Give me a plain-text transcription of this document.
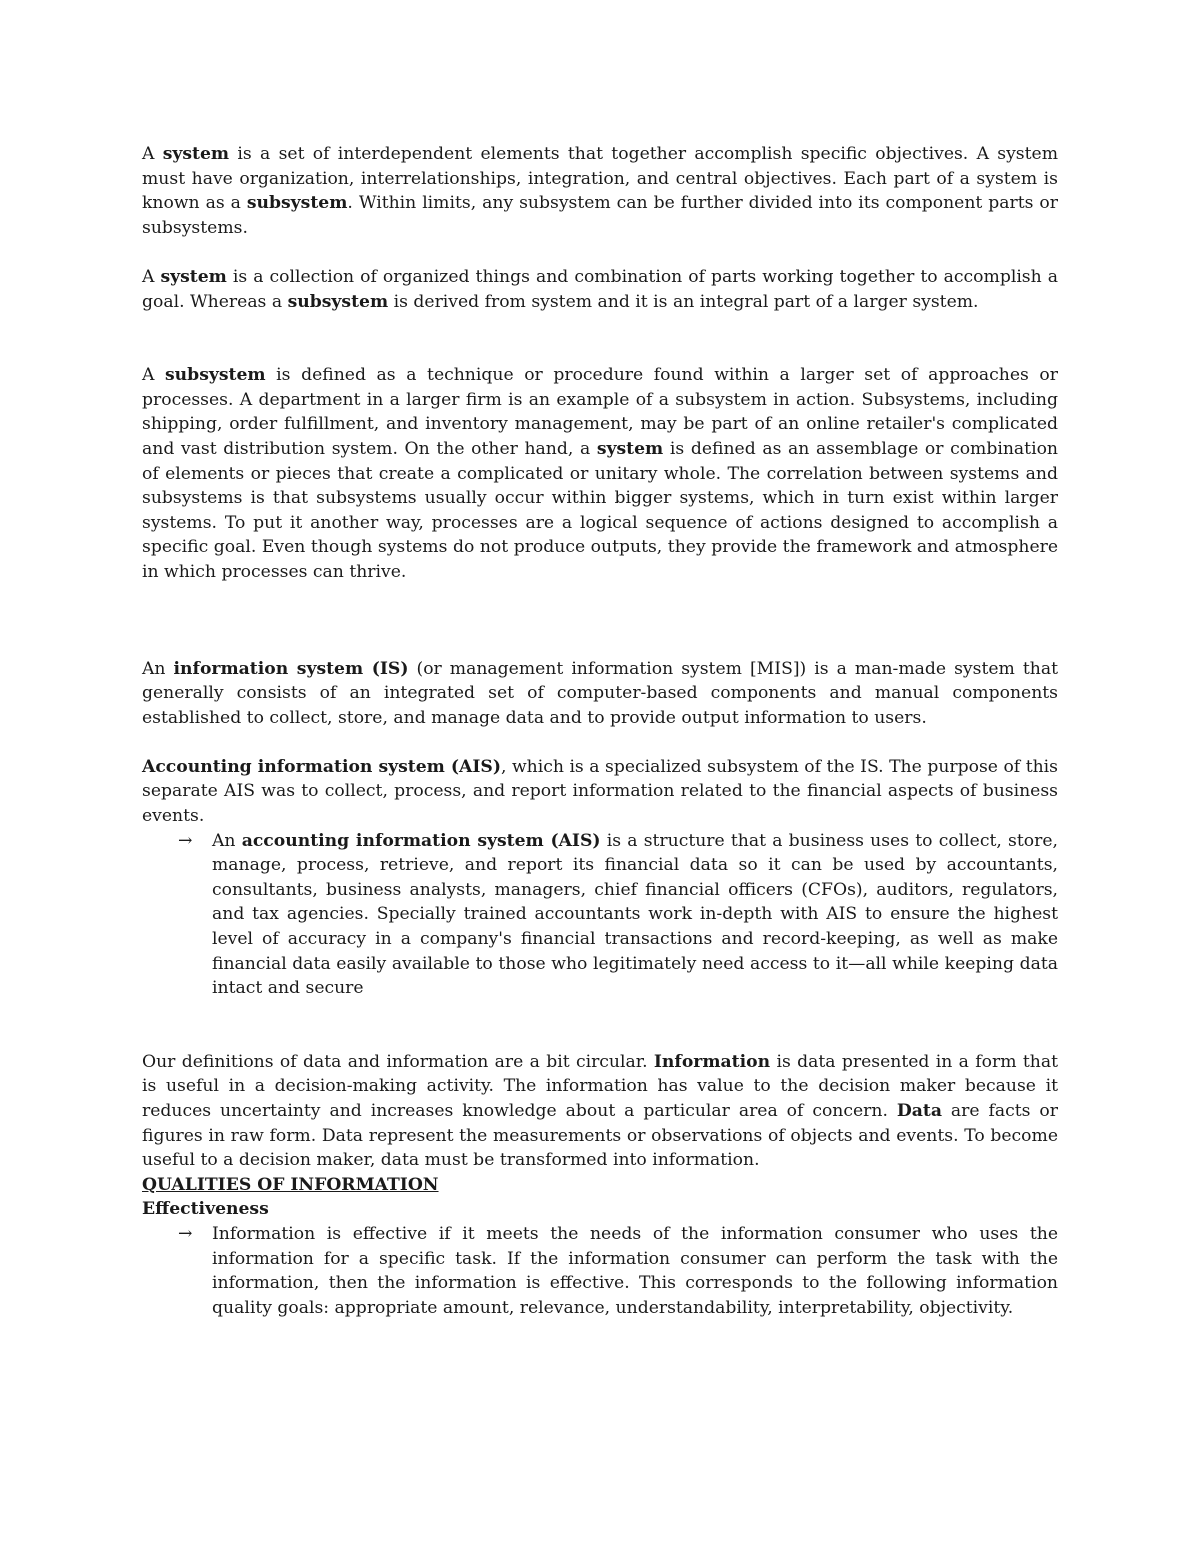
A system is a set of interdependent elements that together accomplish specific objectives. A system must have organization, interrelationships, integration, and central objectives. Each part of a system is known as a subsystem. Within limits, any subsystem can be further divided into its component parts or subsystems.

A system is a collection of organized things and combination of parts working together to accomplish a goal. Whereas a subsystem is derived from system and it is an integral part of a larger system.

A subsystem is defined as a technique or procedure found within a larger set of approaches or processes. A department in a larger firm is an example of a subsystem in action. Subsystems, including shipping, order fulfillment, and inventory management, may be part of an online retailer's complicated and vast distribution system. On the other hand, a system is defined as an assemblage or combination of elements or pieces that create a complicated or unitary whole. The correlation between systems and subsystems is that subsystems usually occur within bigger systems, which in turn exist within larger systems. To put it another way, processes are a logical sequence of actions designed to accomplish a specific goal. Even though systems do not produce outputs, they provide the framework and atmosphere in which processes can thrive.

An information system (IS) (or management information system [MIS]) is a man-made system that generally consists of an integrated set of computer-based components and manual components established to collect, store, and manage data and to provide output information to users.

Accounting information system (AIS), which is a specialized subsystem of the IS. The purpose of this separate AIS was to collect, process, and report information related to the financial aspects of business events.

→ An accounting information system (AIS) is a structure that a business uses to collect, store, manage, process, retrieve, and report its financial data so it can be used by accountants, consultants, business analysts, managers, chief financial officers (CFOs), auditors, regulators, and tax agencies. Specially trained accountants work in-depth with AIS to ensure the highest level of accuracy in a company's financial transactions and record-keeping, as well as make financial data easily available to those who legitimately need access to it—all while keeping data intact and secure

Our definitions of data and information are a bit circular. Information is data presented in a form that is useful in a decision-making activity. The information has value to the decision maker because it reduces uncertainty and increases knowledge about a particular area of concern. Data are facts or figures in raw form. Data represent the measurements or observations of objects and events. To become useful to a decision maker, data must be transformed into information.

QUALITIES OF INFORMATION

Effectiveness

→ Information is effective if it meets the needs of the information consumer who uses the information for a specific task. If the information consumer can perform the task with the information, then the information is effective. This corresponds to the following information quality goals: appropriate amount, relevance, understandability, interpretability, objectivity.
